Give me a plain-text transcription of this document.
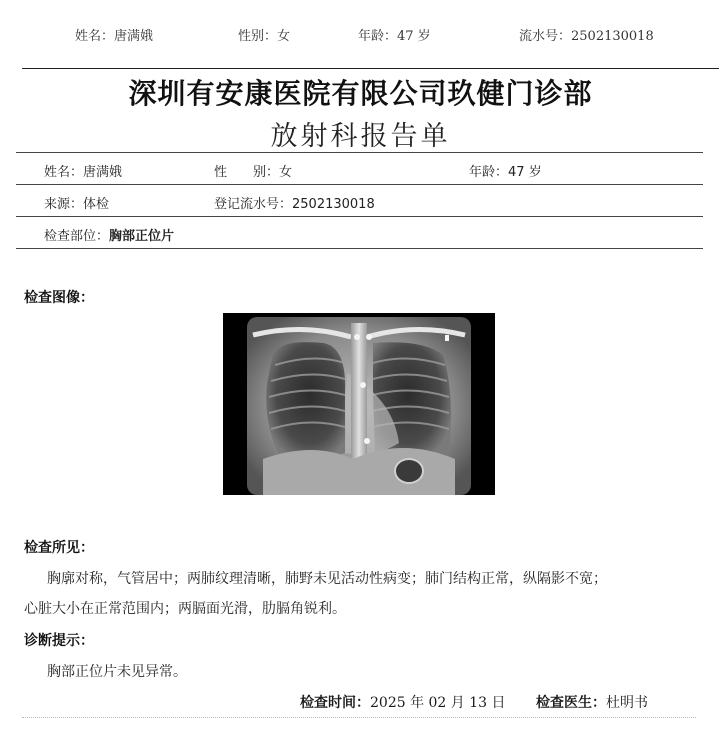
姓名：唐满娥	性别：女	年龄：47 岁	流水号：2502130018
深圳有安康医院有限公司玖健门诊部
放射科报告单
姓名：唐满娥	性　　别：女	年龄：47 岁
来源：体检	登记流水号：2502130018
检查部位：胸部正位片
检查图像：
检查所见：
胸廓对称，气管居中；两肺纹理清晰，肺野未见活动性病变；肺门结构正常，纵隔影不宽；
心脏大小在正常范围内；两膈面光滑，肋膈角锐利。
诊断提示：
胸部正位片未见异常。
检查时间：2025 年 02 月 13 日 检查医生：杜明书
